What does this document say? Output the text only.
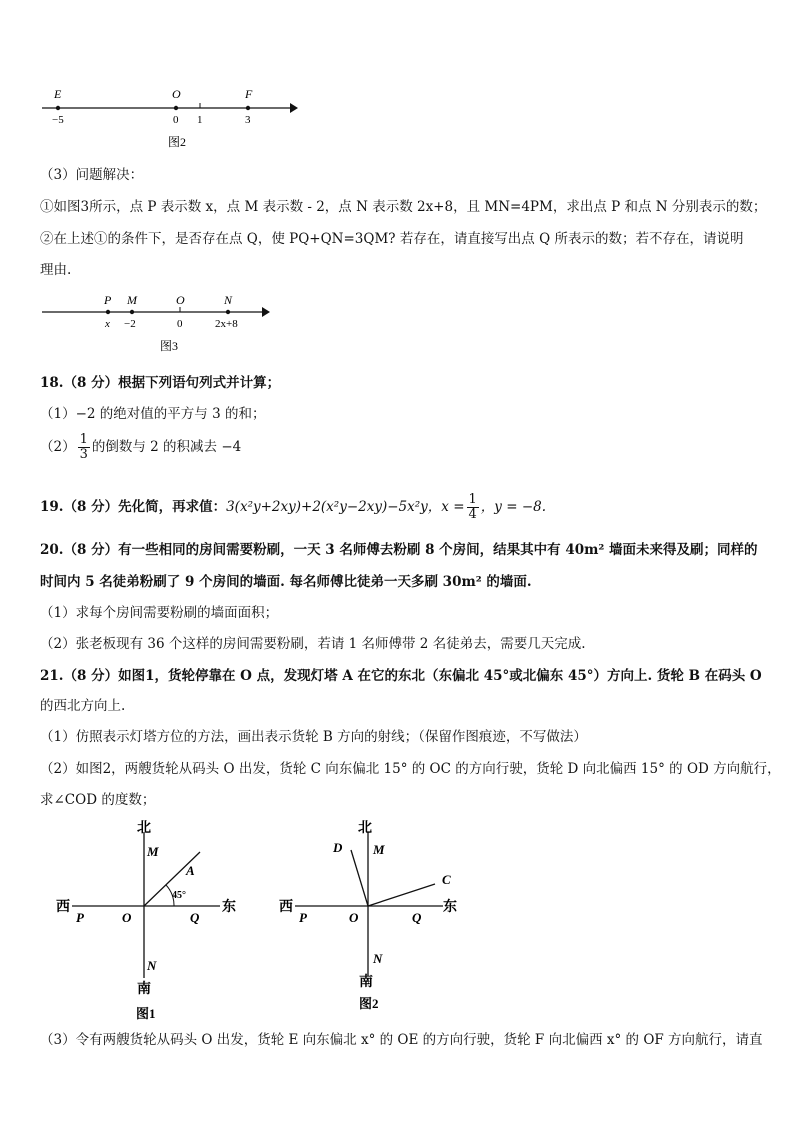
E	O	F
−5	0 1	3
图2
（3）问题解决：
①如图3所示，点 P 表示数 x，点 M 表示数 - 2，点 N 表示数 2x+8，且 MN=4PM，求出点 P 和点 N 分别表示的数；
②在上述①的条件下，是否存在点 Q，使 PQ+QN=3QM? 若存在，请直接写出点 Q 所表示的数；若不存在，请说明
理由.
P M	O	N
x −2	0	2x+8
图3
18.（8 分）根据下列语句列式并计算；
（1）−2 的绝对值的平方与 3 的和；
$(2) \frac{1}{3}$ 的倒数与 2 的积减去 −4
19.（8 分）先化简，再求值：3(x²y+2xy)+2(x²y−2xy)−5x²y，$x = \frac{1}{4}$ ，y = −8.
20.（8 分）有一些相同的房间需要粉刷，一天 3 名师傅去粉刷 8 个房间，结果其中有 40m² 墙面未来得及刷；同样的
时间内 5 名徒弟粉刷了 9 个房间的墙面. 每名师傅比徒弟一天多刷 30m² 的墙面.
（1）求每个房间需要粉刷的墙面面积；
（2）张老板现有 36 个这样的房间需要粉刷，若请 1 名师傅带 2 名徒弟去，需要几天完成.
21.（8 分）如图1，货轮停靠在 O 点，发现灯塔 A 在它的东北（东偏北 45°或北偏东 45°）方向上. 货轮 B 在码头 O
的西北方向上.
（1）仿照表示灯塔方位的方法，画出表示货轮 B 方向的射线；（保留作图痕迹，不写做法）
（2）如图2，两艘货轮从码头 O 出发，货轮 C 向东偏北 15° 的 OC 的方向行驶，货轮 D 向北偏西 15° 的 OD 方向航行，
求∠COD 的度数；
北
南
西	东
M
A
45°
P	O	Q
N
图1
北
南
西	东
D M
C
P	O	Q
N
图2
（3）令有两艘货轮从码头 O 出发，货轮 E 向东偏北 x° 的 OE 的方向行驶，货轮 F 向北偏西 x° 的 OF 方向航行，请直
